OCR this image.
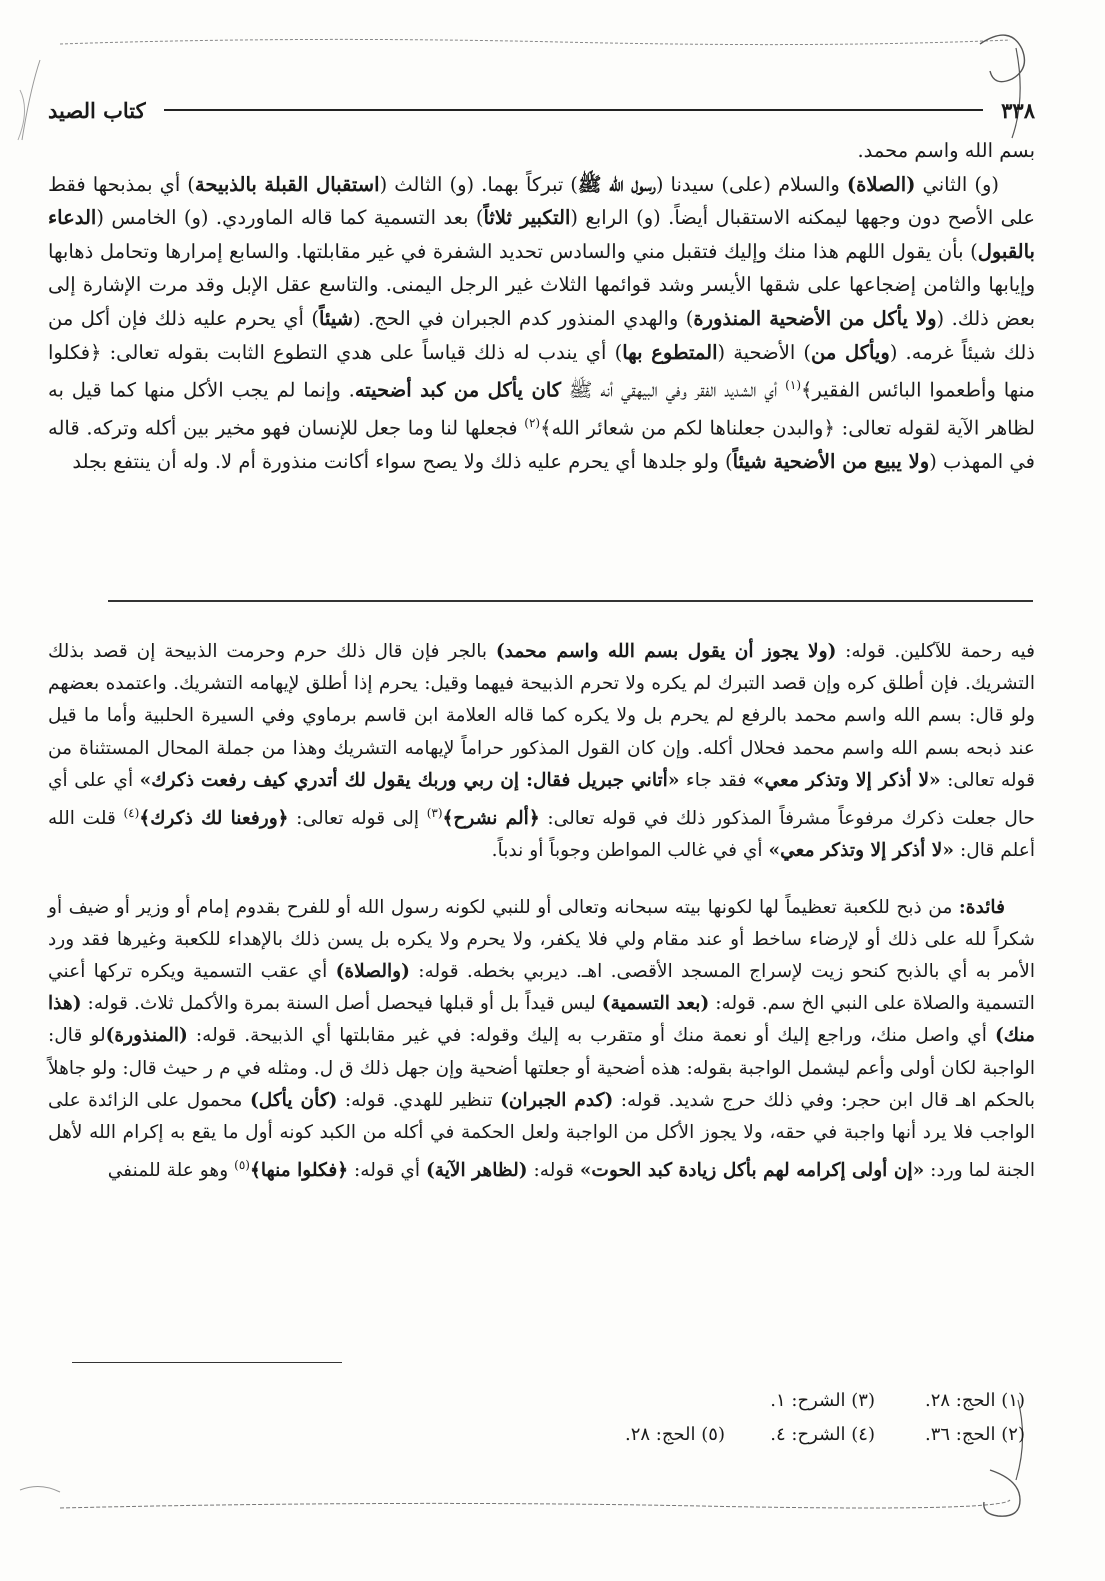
٣٣٨
كتاب الصيد

بسم الله واسم محمد.

(و) الثاني (الصلاة) والسلام (على) سيدنا (رسول الله ﷺ) تبركاً بهما. (و) الثالث (استقبال القبلة بالذبيحة) أي بمذبحها فقط على الأصح دون وجهها ليمكنه الاستقبال أيضاً. (و) الرابع (التكبير ثلاثاً) بعد التسمية كما قاله الماوردي. (و) الخامس (الدعاء بالقبول) بأن يقول اللهم هذا منك وإليك فتقبل مني والسادس تحديد الشفرة في غير مقابلتها. والسابع إمرارها وتحامل ذهابها وإيابها والثامن إضجاعها على شقها الأيسر وشد قوائمها الثلاث غير الرجل اليمنى. والتاسع عقل الإبل وقد مرت الإشارة إلى بعض ذلك. (ولا يأكل من الأضحية المنذورة) والهدي المنذور كدم الجبران في الحج. (شيئاً) أي يحرم عليه ذلك فإن أكل من ذلك شيئاً غرمه. (ويأكل من) الأضحية (المتطوع بها) أي يندب له ذلك قياساً على هدي التطوع الثابت بقوله تعالى: ﴿فكلوا منها وأطعموا البائس الفقير﴾$^{(١)}$ أي الشديد الفقر وفي البيهقي أنه ﷺ كان يأكل من كبد أضحيته. وإنما لم يجب الأكل منها كما قيل به لظاهر الآية لقوله تعالى: ﴿والبدن جعلناها لكم من شعائر الله﴾$^{(٢)}$ فجعلها لنا وما جعل للإنسان فهو مخير بين أكله وتركه. قاله في المهذب (ولا يبيع من الأضحية شيئاً) ولو جلدها أي يحرم عليه ذلك ولا يصح سواء أكانت منذورة أم لا. وله أن ينتفع بجلد

فيه رحمة للآكلين. قوله: (ولا يجوز أن يقول بسم الله واسم محمد) بالجر فإن قال ذلك حرم وحرمت الذبيحة إن قصد بذلك التشريك. فإن أطلق كره وإن قصد التبرك لم يكره ولا تحرم الذبيحة فيهما وقيل: يحرم إذا أطلق لإيهامه التشريك. واعتمده بعضهم ولو قال: بسم الله واسم محمد بالرفع لم يحرم بل ولا يكره كما قاله العلامة ابن قاسم برماوي وفي السيرة الحلبية وأما ما قيل عند ذبحه بسم الله واسم محمد فحلال أكله. وإن كان القول المذكور حراماً لإيهامه التشريك وهذا من جملة المحال المستثناة من قوله تعالى: «لا أذكر إلا وتذكر معي» فقد جاء «أتاني جبريل فقال: إن ربي وربك يقول لك أتدري كيف رفعت ذكرك» أي على أي حال جعلت ذكرك مرفوعاً مشرفاً المذكور ذلك في قوله تعالى: ﴿ألم نشرح﴾$^{(٣)}$ إلى قوله تعالى: ﴿ورفعنا لك ذكرك﴾$^{(٤)}$ قلت الله أعلم قال: «لا أذكر إلا وتذكر معي» أي في غالب المواطن وجوباً أو ندباً.

فائدة: من ذبح للكعبة تعظيماً لها لكونها بيته سبحانه وتعالى أو للنبي لكونه رسول الله أو للفرح بقدوم إمام أو وزير أو ضيف أو شكراً لله على ذلك أو لإرضاء ساخط أو عند مقام ولي فلا يكفر، ولا يحرم ولا يكره بل يسن ذلك بالإهداء للكعبة وغيرها فقد ورد الأمر به أي بالذبح كنحو زيت لإسراج المسجد الأقصى. اهـ. ديربي بخطه. قوله: (والصلاة) أي عقب التسمية ويكره تركها أعني التسمية والصلاة على النبي الخ سم. قوله: (بعد التسمية) ليس قيداً بل أو قبلها فيحصل أصل السنة بمرة والأكمل ثلاث. قوله: (هذا منك) أي واصل منك، وراجع إليك أو نعمة منك أو متقرب به إليك وقوله: في غير مقابلتها أي الذبيحة. قوله: (المنذورة)لو قال: الواجبة لكان أولى وأعم ليشمل الواجبة بقوله: هذه أضحية أو جعلتها أضحية وإن جهل ذلك ق ل. ومثله في م ر حيث قال: ولو جاهلاً بالحكم اهـ قال ابن حجر: وفي ذلك حرج شديد. قوله: (كدم الجبران) تنظير للهدي. قوله: (كأن يأكل) محمول على الزائدة على الواجب فلا يرد أنها واجبة في حقه، ولا يجوز الأكل من الواجبة ولعل الحكمة في أكله من الكبد كونه أول ما يقع به إكرام الله لأهل الجنة لما ورد: «إن أولى إكرامه لهم بأكل زيادة كبد الحوت» قوله: (لظاهر الآية) أي قوله: ﴿فكلوا منها﴾$^{(٥)}$ وهو علة للمنفي

(١) الحج: ٢٨.
(٣) الشرح: ١.
(٢) الحج: ٣٦.
(٤) الشرح: ٤.
(٥) الحج: ٢٨.
